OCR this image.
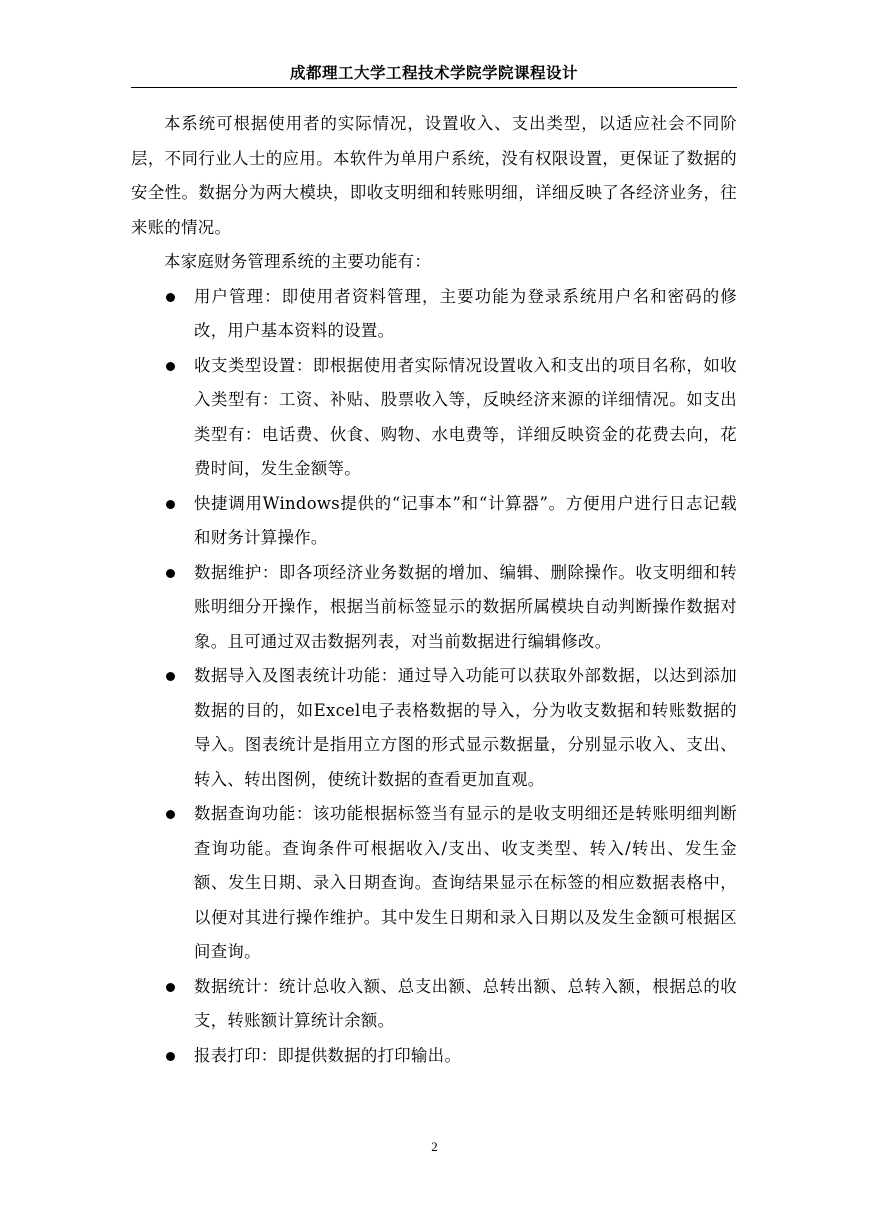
成都理工大学工程技术学院学院课程设计

本系统可根据使用者的实际情况，设置收入、支出类型，以适应社会不同阶层，不同行业人士的应用。本软件为单用户系统，没有权限设置，更保证了数据的安全性。数据分为两大模块，即收支明细和转账明细，详细反映了各经济业务，往来账的情况。

本家庭财务管理系统的主要功能有：

用户管理：即使用者资料管理，主要功能为登录系统用户名和密码的修改，用户基本资料的设置。
收支类型设置：即根据使用者实际情况设置收入和支出的项目名称，如收入类型有：工资、补贴、股票收入等，反映经济来源的详细情况。如支出类型有：电话费、伙食、购物、水电费等，详细反映资金的花费去向，花费时间，发生金额等。
快捷调用Windows提供的“记事本”和“计算器”。方便用户进行日志记载和财务计算操作。
数据维护：即各项经济业务数据的增加、编辑、删除操作。收支明细和转账明细分开操作，根据当前标签显示的数据所属模块自动判断操作数据对象。且可通过双击数据列表，对当前数据进行编辑修改。
数据导入及图表统计功能：通过导入功能可以获取外部数据，以达到添加数据的目的，如Excel电子表格数据的导入，分为收支数据和转账数据的导入。图表统计是指用立方图的形式显示数据量，分别显示收入、支出、转入、转出图例，使统计数据的查看更加直观。
数据查询功能：该功能根据标签当有显示的是收支明细还是转账明细判断查询功能。查询条件可根据收入/支出、收支类型、转入/转出、发生金额、发生日期、录入日期查询。查询结果显示在标签的相应数据表格中，以便对其进行操作维护。其中发生日期和录入日期以及发生金额可根据区间查询。
数据统计：统计总收入额、总支出额、总转出额、总转入额，根据总的收支，转账额计算统计余额。
报表打印：即提供数据的打印输出。
2
